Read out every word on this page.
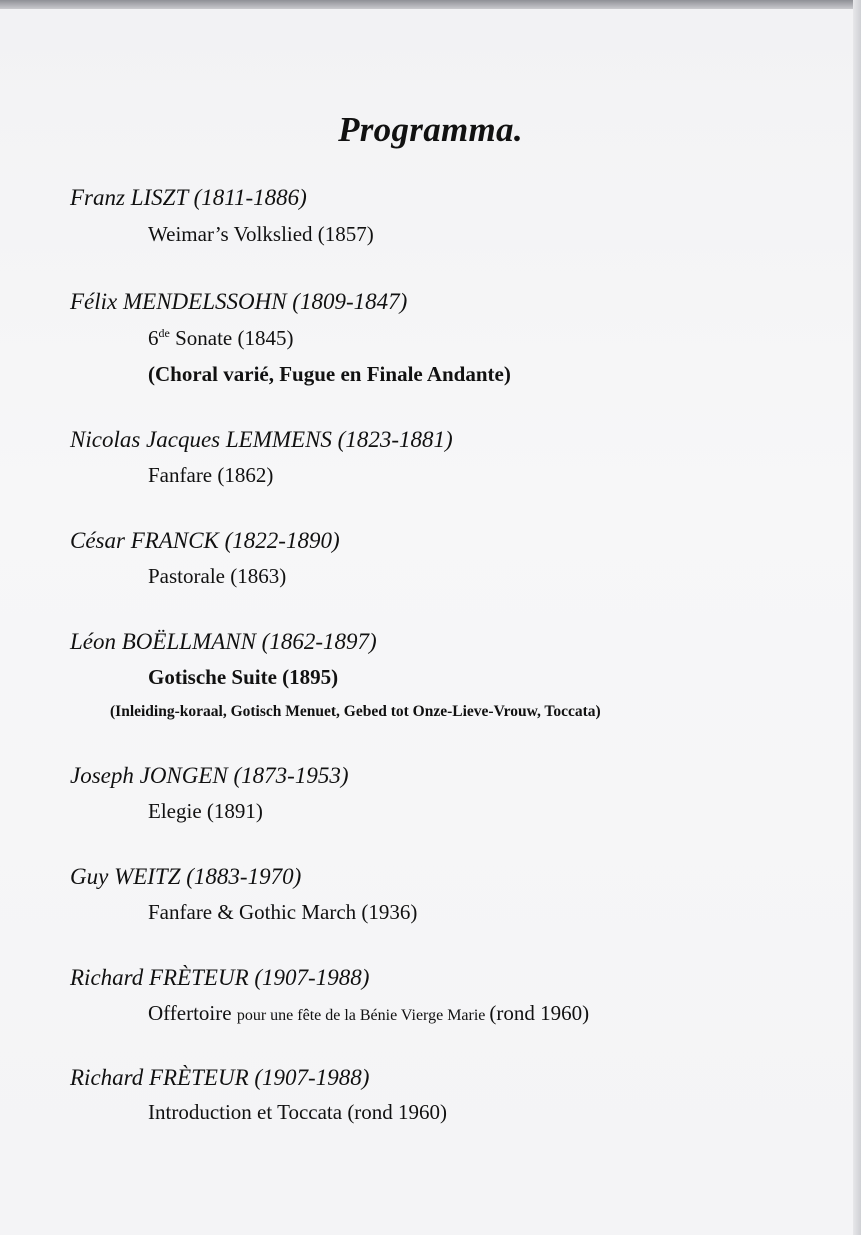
Programma.
Franz LISZT (1811-1886)
Weimar’s Volkslied (1857)
Félix MENDELSSOHN (1809-1847)
6de Sonate (1845)
(Choral varié, Fugue en Finale Andante)
Nicolas Jacques LEMMENS (1823-1881)
Fanfare (1862)
César FRANCK (1822-1890)
Pastorale (1863)
Léon BOËLLMANN (1862-1897)
Gotische Suite (1895)
(Inleiding-koraal, Gotisch Menuet, Gebed tot Onze-Lieve-Vrouw, Toccata)
Joseph JONGEN (1873-1953)
Elegie (1891)
Guy WEITZ (1883-1970)
Fanfare & Gothic March (1936)
Richard FRÈTEUR (1907-1988)
Offertoire pour une fête de la Bénie Vierge Marie (rond 1960)
Richard FRÈTEUR (1907-1988)
Introduction et Toccata (rond 1960)
